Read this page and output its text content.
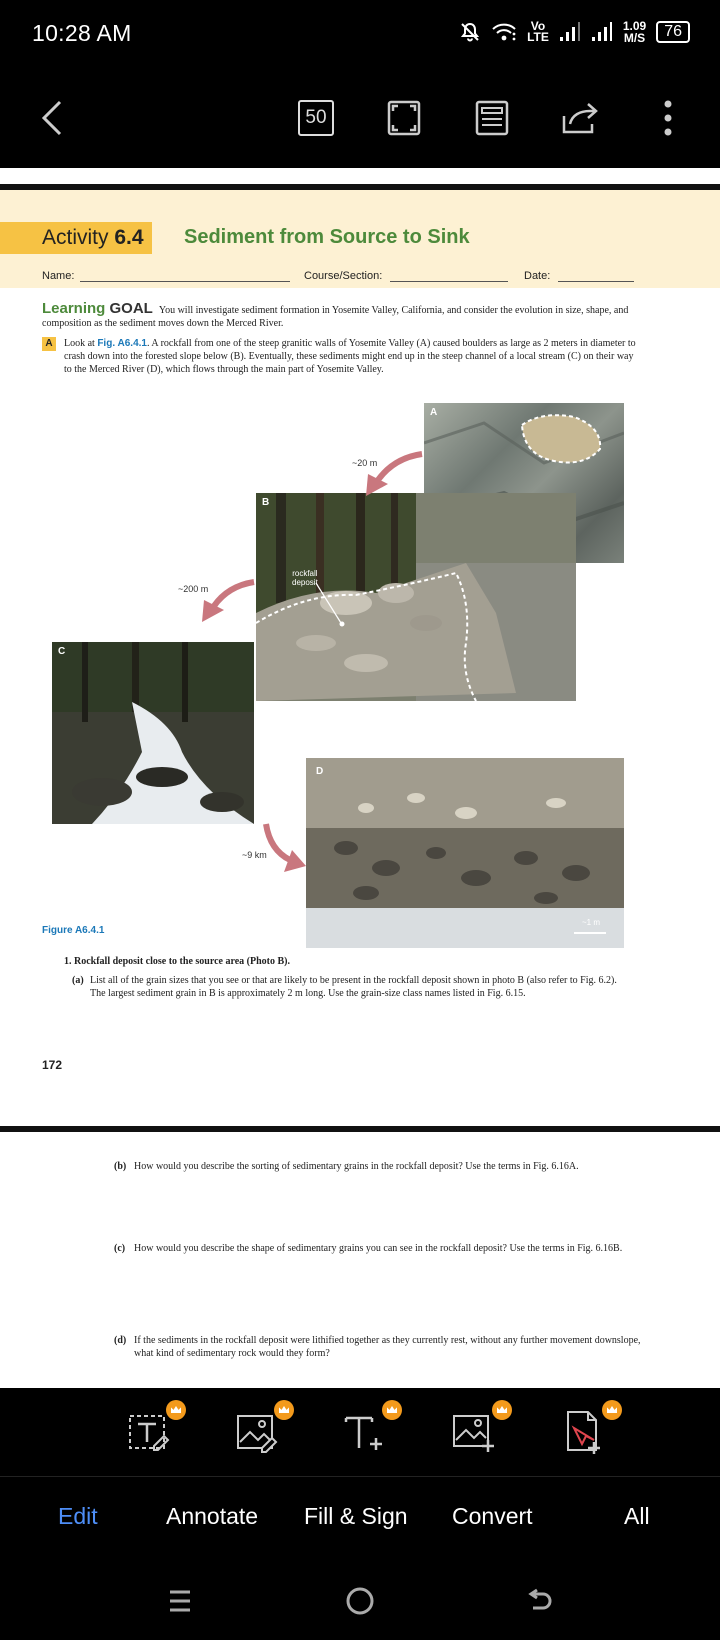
10:28 AM	Vo
LTE
1.09
M/S	76
50
Activity 6.4	Sediment from Source to Sink
Name:	Course/Section:	Date:
Learning GOAL You will investigate sediment formation in Yosemite Valley, California, and consider the evolution in size, shape, and composition as the sediment moves down the Merced River.
A	Look at Fig. A6.4.1. A rockfall from one of the steep granitic walls of Yosemite Valley (A) caused boulders as large as 2 meters in diameter to crash down into the forested slope below (B). Eventually, these sediments might end up in the steep channel of a local stream (C) on their way to the Merced River (D), which flows through the main part of Yosemite Valley.
A
B
rockfall
deposit
C
D
~1 m
~20 m
~200 m
~9 km
Figure A6.4.1
1. Rockfall deposit close to the source area (Photo B).
(a) List all of the grain sizes that you see or that are likely to be present in the rockfall deposit shown in photo B (also refer to Fig. 6.2). The largest sediment grain in B is approximately 2 m long. Use the grain-size class names listed in Fig. 6.15.
172
(b) How would you describe the sorting of sedimentary grains in the rockfall deposit? Use the terms in Fig. 6.16A.
(c) How would you describe the shape of sedimentary grains you can see in the rockfall deposit? Use the terms in Fig. 6.16B.
(d) If the sediments in the rockfall deposit were lithified together as they currently rest, without any further movement downslope, what kind of sedimentary rock would they form?
Edit	Annotate Fill & Sign Convert	All
